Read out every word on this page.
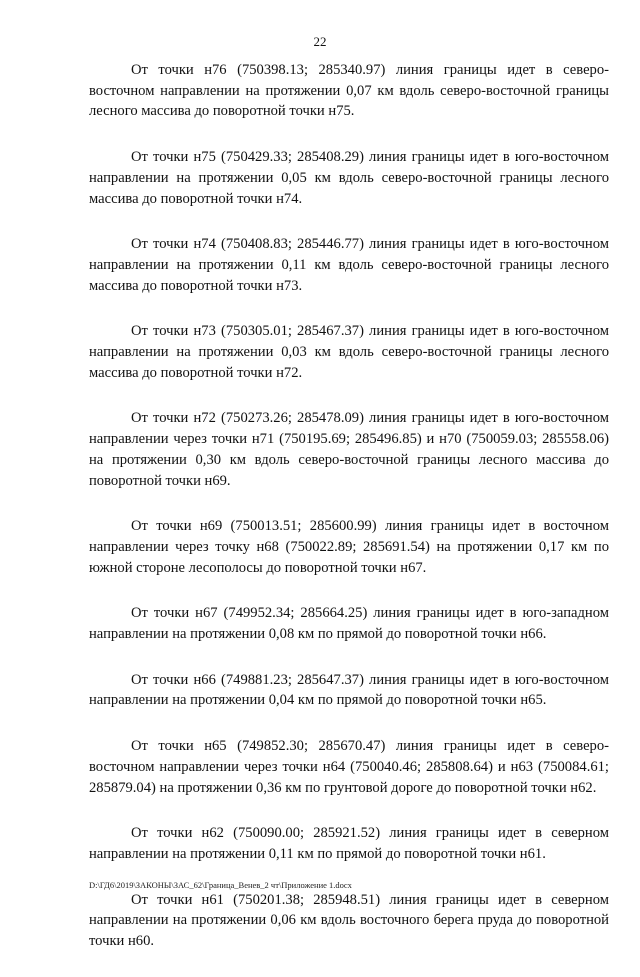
22

От точки н76 (750398.13; 285340.97) линия границы идет в северо-восточном направлении на протяжении 0,07 км вдоль северо-восточной границы лесного массива до поворотной точки н75.

От точки н75 (750429.33; 285408.29) линия границы идет в юго-восточном направлении на протяжении 0,05 км вдоль северо-восточной границы лесного массива до поворотной точки н74.

От точки н74 (750408.83; 285446.77) линия границы идет в юго-восточном направлении на протяжении 0,11 км вдоль северо-восточной границы лесного массива до поворотной точки н73.

От точки н73 (750305.01; 285467.37) линия границы идет в юго-восточном направлении на протяжении 0,03 км вдоль северо-восточной границы лесного массива до поворотной точки н72.

От точки н72 (750273.26; 285478.09) линия границы идет в юго-восточном направлении через точки н71 (750195.69; 285496.85) и н70 (750059.03; 285558.06) на протяжении 0,30 км вдоль северо-восточной границы лесного массива до поворотной точки н69.

От точки н69 (750013.51; 285600.99) линия границы идет в восточном направлении через точку н68 (750022.89; 285691.54) на протяжении 0,17 км по южной стороне лесополосы до поворотной точки н67.

От точки н67 (749952.34; 285664.25) линия границы идет в юго-западном направлении на протяжении 0,08 км по прямой до поворотной точки н66.

От точки н66 (749881.23; 285647.37) линия границы идет в юго-восточном направлении на протяжении 0,04 км по прямой до поворотной точки н65.

От точки н65 (749852.30; 285670.47) линия границы идет в северо-восточном направлении через точки н64 (750040.46; 285808.64) и н63 (750084.61; 285879.04) на протяжении 0,36 км по грунтовой дороге до поворотной точки н62.

От точки н62 (750090.00; 285921.52) линия границы идет в северном направлении на протяжении 0,11 км по прямой до поворотной точки н61.

От точки н61 (750201.38; 285948.51) линия границы идет в северном направлении на протяжении 0,06 км вдоль восточного берега пруда до поворотной точки н60.

D:\ГД6\2019\ЗАКОНЫ\ЗАС_62\Граница_Венев_2 чт\Приложение 1.docx
